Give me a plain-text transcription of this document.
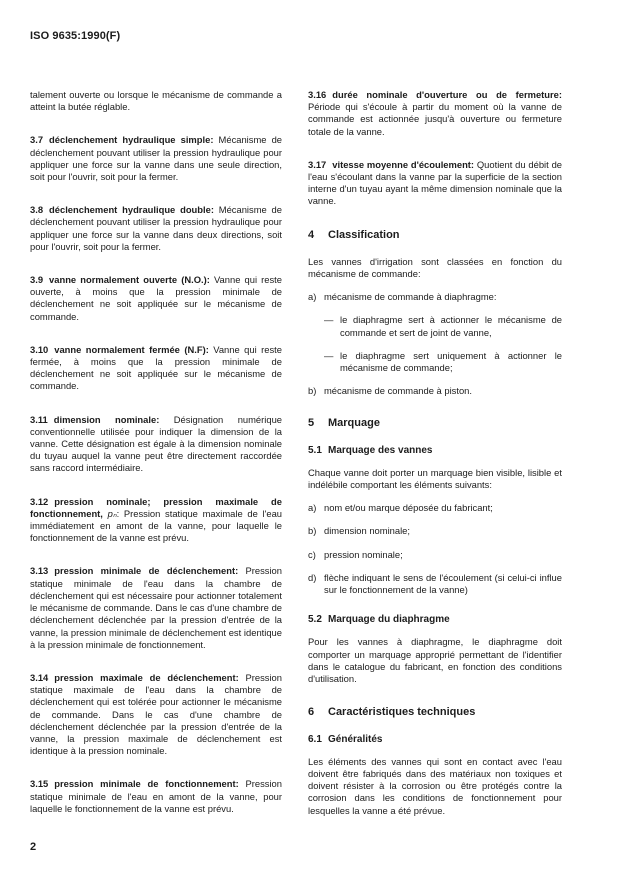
ISO 9635:1990(F)

talement ouverte ou lorsque le mécanisme de commande a atteint la butée réglable.

3.7 déclenchement hydraulique simple: Mécanisme de déclenchement pouvant utiliser la pression hydraulique pour appliquer une force sur la vanne dans une seule direction, soit pour l'ouvrir, soit pour la fermer.

3.8 déclenchement hydraulique double: Mécanisme de déclenchement pouvant utiliser la pression hydraulique pour appliquer une force sur la vanne dans deux directions, soit pour l'ouvrir, soit pour la fermer.

3.9 vanne normalement ouverte (N.O.): Vanne qui reste ouverte, à moins que la pression minimale de déclenchement ne soit appliquée sur le mécanisme de commande.

3.10 vanne normalement fermée (N.F): Vanne qui reste fermée, à moins que la pression minimale de déclenchement ne soit appliquée sur le mécanisme de commande.

3.11 dimension nominale: Désignation numérique conventionnelle utilisée pour indiquer la dimension de la vanne. Cette désignation est égale à la dimension nominale du tuyau auquel la vanne peut être directement raccordée sans raccord intermédiaire.

3.12 pression nominale; pression maximale de fonctionnement, pₙ: Pression statique maximale de l'eau immédiatement en amont de la vanne, pour laquelle le fonctionnement de la vanne est prévu.

3.13 pression minimale de déclenchement: Pression statique minimale de l'eau dans la chambre de déclenchement qui est nécessaire pour actionner totalement le mécanisme de commande. Dans le cas d'une chambre de déclenchement déclenchée par la pression d'entrée de la vanne, la pression minimale de déclenchement est identique à la pression minimale de fonctionnement.

3.14 pression maximale de déclenchement: Pression statique maximale de l'eau dans la chambre de déclenchement qui est tolérée pour actionner le mécanisme de commande. Dans le cas d'une chambre de déclenchement déclenchée par la pression d'entrée de la vanne, la pression maximale de déclenchement est identique à la pression nominale.

3.15 pression minimale de fonctionnement: Pression statique minimale de l'eau en amont de la vanne, pour laquelle le fonctionnement de la vanne est prévu.

3.16 durée nominale d'ouverture ou de fermeture: Période qui s'écoule à partir du moment où la vanne de commande est actionnée jusqu'à ouverture ou fermeture totale de la vanne.

3.17 vitesse moyenne d'écoulement: Quotient du débit de l'eau s'écoulant dans la vanne par la superficie de la section interne d'un tuyau ayant la même dimension nominale que la vanne.

4 Classification

Les vannes d'irrigation sont classées en fonction du mécanisme de commande:

a) mécanisme de commande à diaphragme:

— le diaphragme sert à actionner le mécanisme de commande et sert de joint de vanne,

— le diaphragme sert uniquement à actionner le mécanisme de commande;

b) mécanisme de commande à piston.

5 Marquage
5.1 Marquage des vannes

Chaque vanne doit porter un marquage bien visible, lisible et indélébile comportant les éléments suivants:

a) nom et/ou marque déposée du fabricant;

b) dimension nominale;

c) pression nominale;

d) flèche indiquant le sens de l'écoulement (si celui-ci influe sur le fonctionnement de la vanne)

5.2 Marquage du diaphragme

Pour les vannes à diaphragme, le diaphragme doit comporter un marquage approprié permettant de l'identifier dans le catalogue du fabricant, en fonction des conditions d'utilisation.

6 Caractéristiques techniques
6.1 Généralités

Les éléments des vannes qui sont en contact avec l'eau doivent être fabriqués dans des matériaux non toxiques et doivent résister à la corrosion ou être protégés contre la corrosion dans les conditions de fonctionnement pour lesquelles la vanne a été prévue.

2
